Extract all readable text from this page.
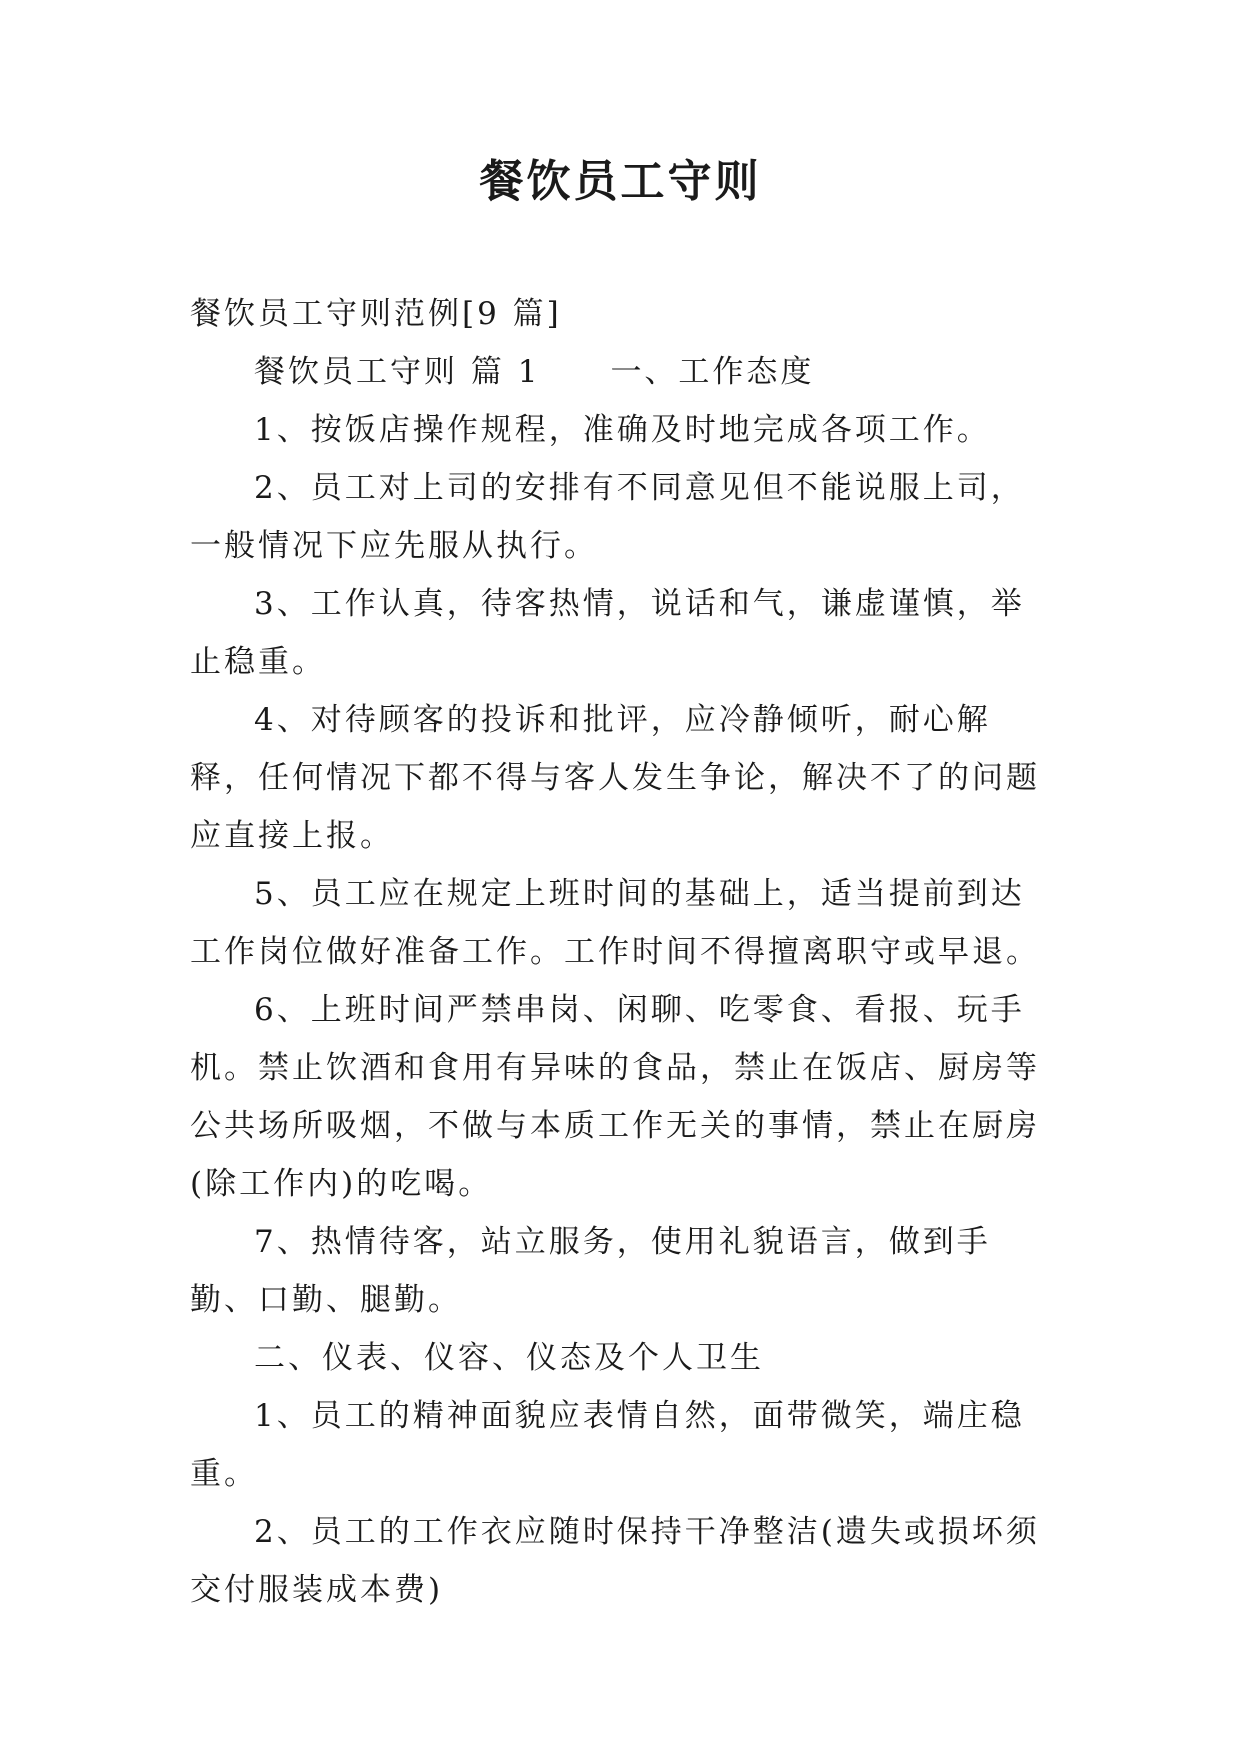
餐饮员工守则

餐饮员工守则范例[9 篇]

餐饮员工守则 篇 1 一、工作态度

1、按饭店操作规程，准确及时地完成各项工作。

2、员工对上司的安排有不同意见但不能说服上司，一般情况下应先服从执行。

3、工作认真，待客热情，说话和气，谦虚谨慎，举止稳重。

4、对待顾客的投诉和批评，应冷静倾听，耐心解释，任何情况下都不得与客人发生争论，解决不了的问题应直接上报。

5、员工应在规定上班时间的基础上，适当提前到达工作岗位做好准备工作。工作时间不得擅离职守或早退。

6、上班时间严禁串岗、闲聊、吃零食、看报、玩手机。禁止饮酒和食用有异味的食品，禁止在饭店、厨房等公共场所吸烟，不做与本质工作无关的事情，禁止在厨房(除工作内)的吃喝。

7、热情待客，站立服务，使用礼貌语言，做到手勤、口勤、腿勤。

二、仪表、仪容、仪态及个人卫生

1、员工的精神面貌应表情自然，面带微笑，端庄稳重。

2、员工的工作衣应随时保持干净整洁(遗失或损坏须交付服装成本费)
